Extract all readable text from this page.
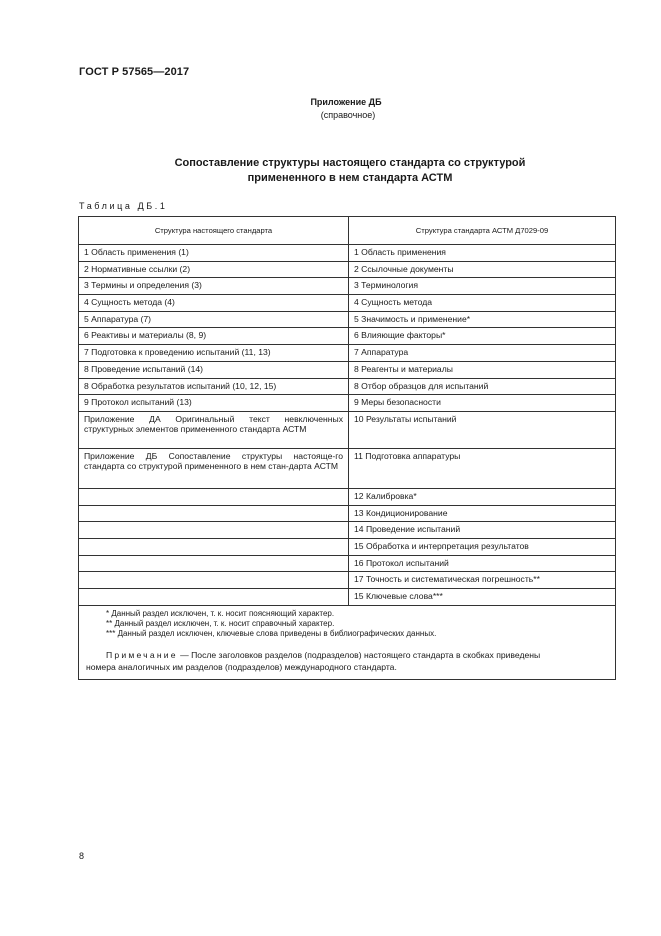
ГОСТ Р 57565—2017
Приложение ДБ
(справочное)
Сопоставление структуры настоящего стандарта со структурой
примененного в нем стандарта АСТМ
Таблица ДБ.1
Структура настоящего стандарта	Структура стандарта АСТМ Д7029-09
1 Область применения (1)	1 Область применения
2 Нормативные ссылки (2)	2 Ссылочные документы
3 Термины и определения (3)	3 Терминология
4 Сущность метода (4)	4 Сущность метода
5 Аппаратура (7)	5 Значимость и применение*
6 Реактивы и материалы (8, 9)	6 Влияющие факторы*
7 Подготовка к проведению испытаний (11, 13)	7 Аппаратура
8 Проведение испытаний (14)	8 Реагенты и материалы
8 Обработка результатов испытаний (10, 12, 15)	8 Отбор образцов для испытаний
9 Протокол испытаний (13)	9 Меры безопасности
Приложение ДА Оригинальный текст невключенных структурных элементов примененного стандарта АСТМ	10 Результаты испытаний
Приложение ДБ Сопоставление структуры настояще-го стандарта со структурой примененного в нем стан-дарта АСТМ	11 Подготовка аппаратуры
	12 Калибровка*
	13 Кондиционирование
	14 Проведение испытаний
	15 Обработка и интерпретация результатов
	16 Протокол испытаний
	17 Точность и систематическая погрешность**
	15 Ключевые слова***

* Данный раздел исключен, т. к. носит поясняющий характер.
** Данный раздел исключен, т. к. носит справочный характер.
*** Данный раздел исключен, ключевые слова приведены в библиографических данных.
Примечание — После заголовков разделов (подразделов) настоящего стандарта в скобках приведены
номера аналогичных им разделов (подразделов) международного стандарта.	
8
